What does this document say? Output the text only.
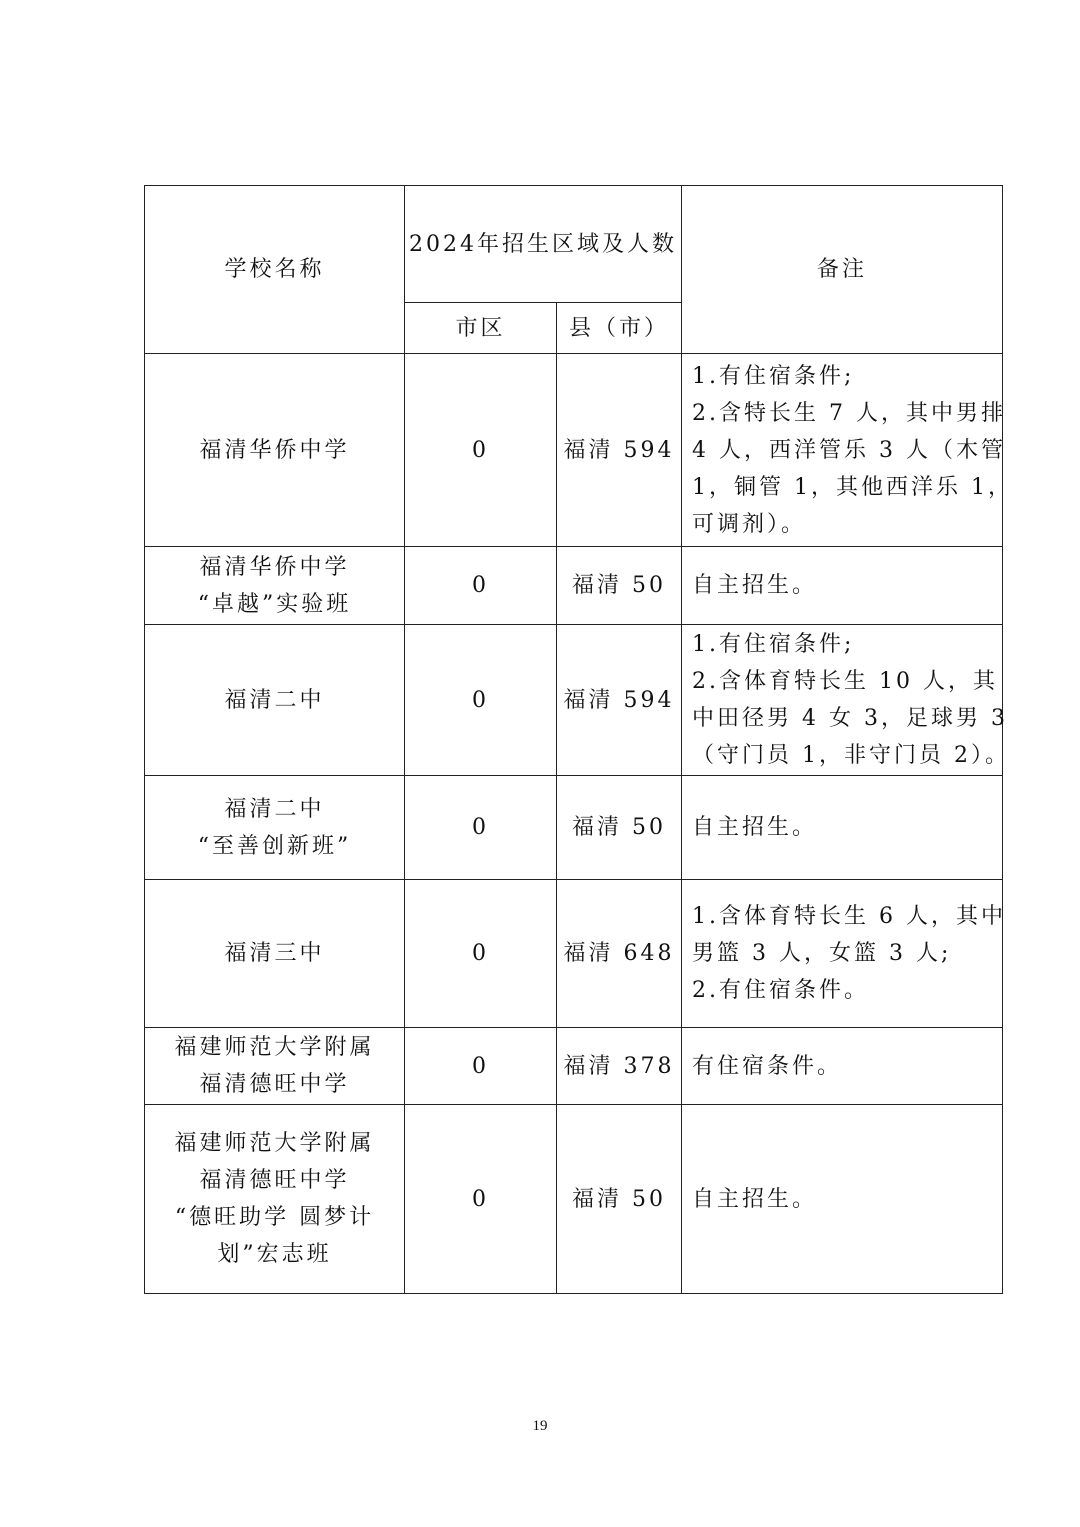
学校名称	2024年招生区域及人数		备注
	市区	县（市）	

福清华侨中学	0	福清 594	1.有住宿条件;
2.含特长生 7 人，其中男排
4 人，西洋管乐 3 人（木管
1，铜管 1，其他西洋乐 1，
可调剂）。

福清华侨中学
“卓越”实验班	0	福清 50	自主招生。

福清二中	0	福清 594	1.有住宿条件;
2.含体育特长生 10 人，其
中田径男 4 女 3，足球男 3
（守门员 1，非守门员 2）。

福清二中
“至善创新班”	0	福清 50	自主招生。

福清三中	0	福清 648	1.含体育特长生 6 人，其中
男篮 3 人，女篮 3 人;
2.有住宿条件。

福建师范大学附属
福清德旺中学	0	福清 378	有住宿条件。

福建师范大学附属
福清德旺中学
“德旺助学 圆梦计
划”宏志班	0	福清 50	自主招生。
19
